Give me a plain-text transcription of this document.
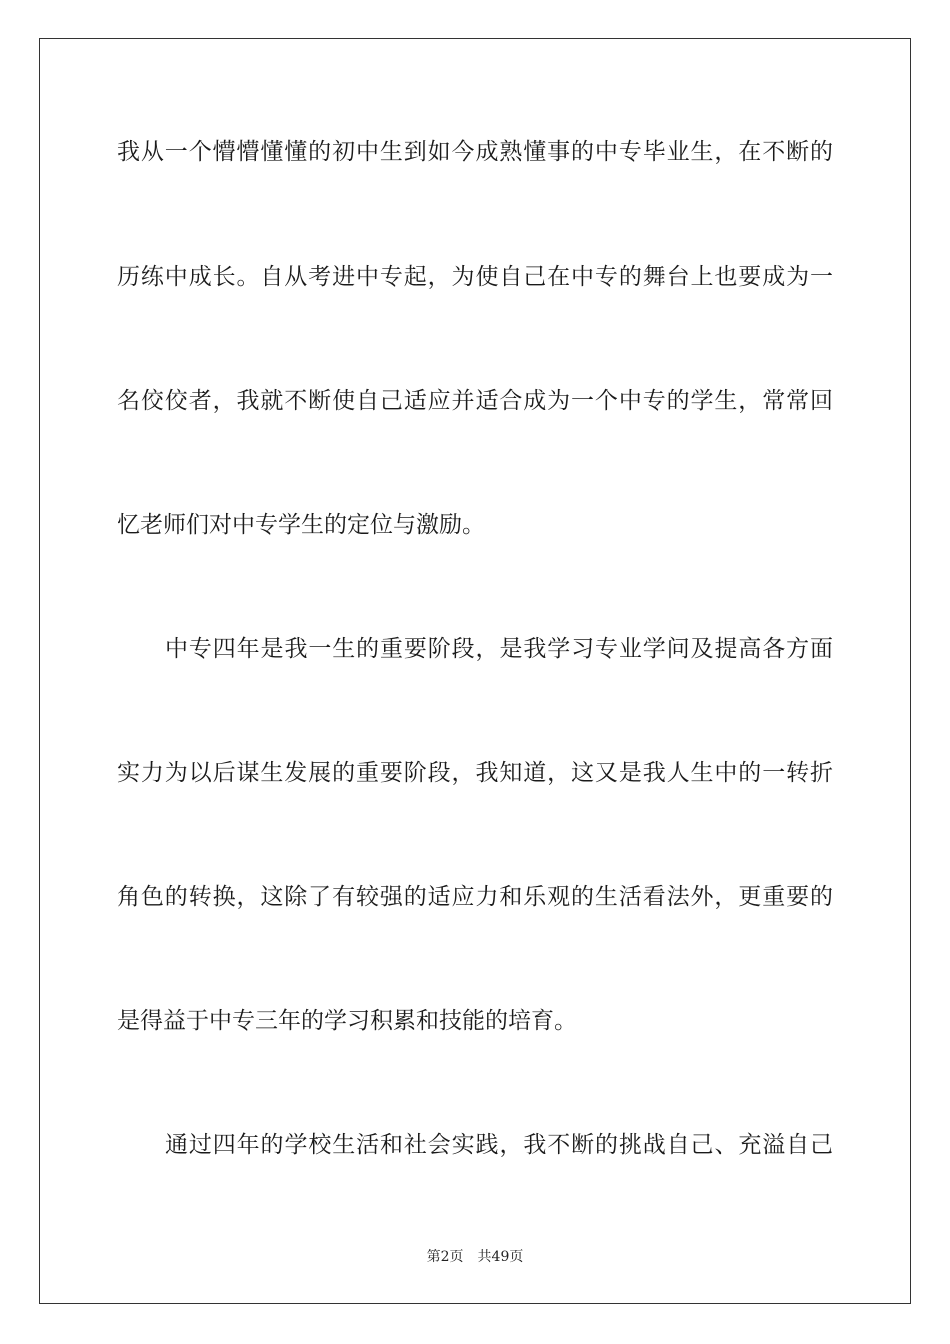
我从一个懵懵懂懂的初中生到如今成熟懂事的中专毕业生，在不断的
历练中成长。自从考进中专起，为使自己在中专的舞台上也要成为一
名佼佼者，我就不断使自己适应并适合成为一个中专的学生，常常回
忆老师们对中专学生的定位与激励。
中专四年是我一生的重要阶段，是我学习专业学问及提高各方面
实力为以后谋生发展的重要阶段，我知道，这又是我人生中的一转折
角色的转换，这除了有较强的适应力和乐观的生活看法外，更重要的
是得益于中专三年的学习积累和技能的培育。
通过四年的学校生活和社会实践，我不断的挑战自己、充溢自己
第2页 共49页
